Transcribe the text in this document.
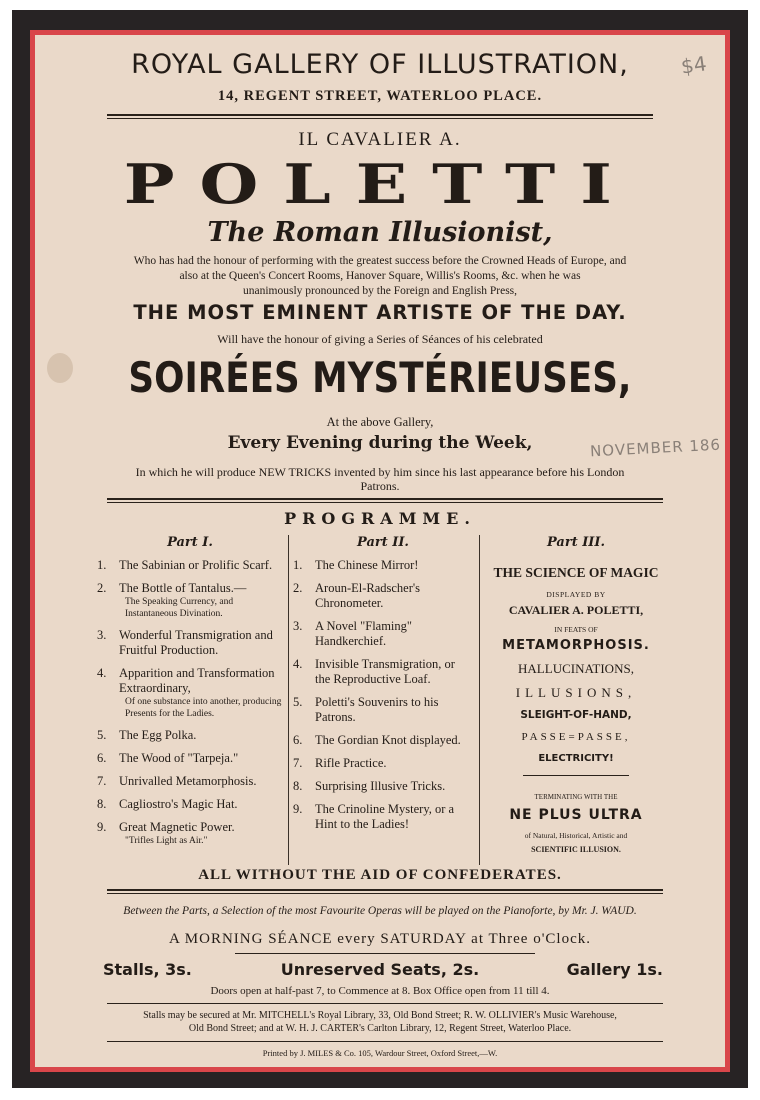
ROYAL GALLERY OF ILLUSTRATION,	$4
14, REGENT STREET, WATERLOO PLACE.
IL CAVALIER A.
POLETTI
The Roman Illusionist,
Who has had the honour of performing with the greatest success before the Crowned Heads of Europe, and
also at the Queen's Concert Rooms, Hanover Square, Willis's Rooms, &c. when he was
unanimously pronounced by the Foreign and English Press,
THE MOST EMINENT ARTISTE OF THE DAY.
Will have the honour of giving a Series of Séances of his celebrated
SOIRÉES MYSTÉRIEUSES,
At the above Gallery,
Every Evening during the Week,	NOVEMBER 186
In which he will produce NEW TRICKS invented by him since his last appearance before his London
Patrons.
PROGRAMME.
Part I.
1. The Sabinian or Prolific Scarf.
2. The Bottle of Tantalus.—
The Speaking Currency, and Instantaneous Divination.
3. Wonderful Transmigration and Fruitful Production.
4. Apparition and Transformation Extraordinary,
Of one substance into another, producing Presents for the Ladies.
5. The Egg Polka.
6. The Wood of "Tarpeja."
7. Unrivalled Metamorphosis.
8. Cagliostro's Magic Hat.
9. Great Magnetic Power.
"Trifles Light as Air."
Part II.
1. The Chinese Mirror!
2. Aroun-El-Radscher's Chronometer.
3. A Novel "Flaming" Handkerchief.
4. Invisible Transmigration, or the Reproductive Loaf.
5. Poletti's Souvenirs to his Patrons.
6. The Gordian Knot displayed.
7. Rifle Practice.
8. Surprising Illusive Tricks.
9. The Crinoline Mystery, or a Hint to the Ladies!
Part III.
THE SCIENCE OF MAGIC
DISPLAYED BY
CAVALIER A. POLETTI,
IN FEATS OF
METAMORPHOSIS.
HALLUCINATIONS,
ILLUSIONS,
SLEIGHT-OF-HAND,
PASSE=PASSE,
ELECTRICITY!
TERMINATING WITH THE
NE PLUS ULTRA
of Natural, Historical, Artistic and
SCIENTIFIC ILLUSION.
ALL WITHOUT THE AID OF CONFEDERATES.
Between the Parts, a Selection of the most Favourite Operas will be played on the Pianoforte, by Mr. J. WAUD.
A MORNING SÉANCE every SATURDAY at Three o'Clock.
Stalls, 3s.	Unreserved Seats, 2s.	Gallery 1s.
Doors open at half-past 7, to Commence at 8. Box Office open from 11 till 4.
Stalls may be secured at Mr. MITCHELL's Royal Library, 33, Old Bond Street; R. W. OLLIVIER's Music Warehouse,
Old Bond Street; and at W. H. J. CARTER's Carlton Library, 12, Regent Street, Waterloo Place.
Printed by J. MILES & Co. 105, Wardour Street, Oxford Street,—W.
